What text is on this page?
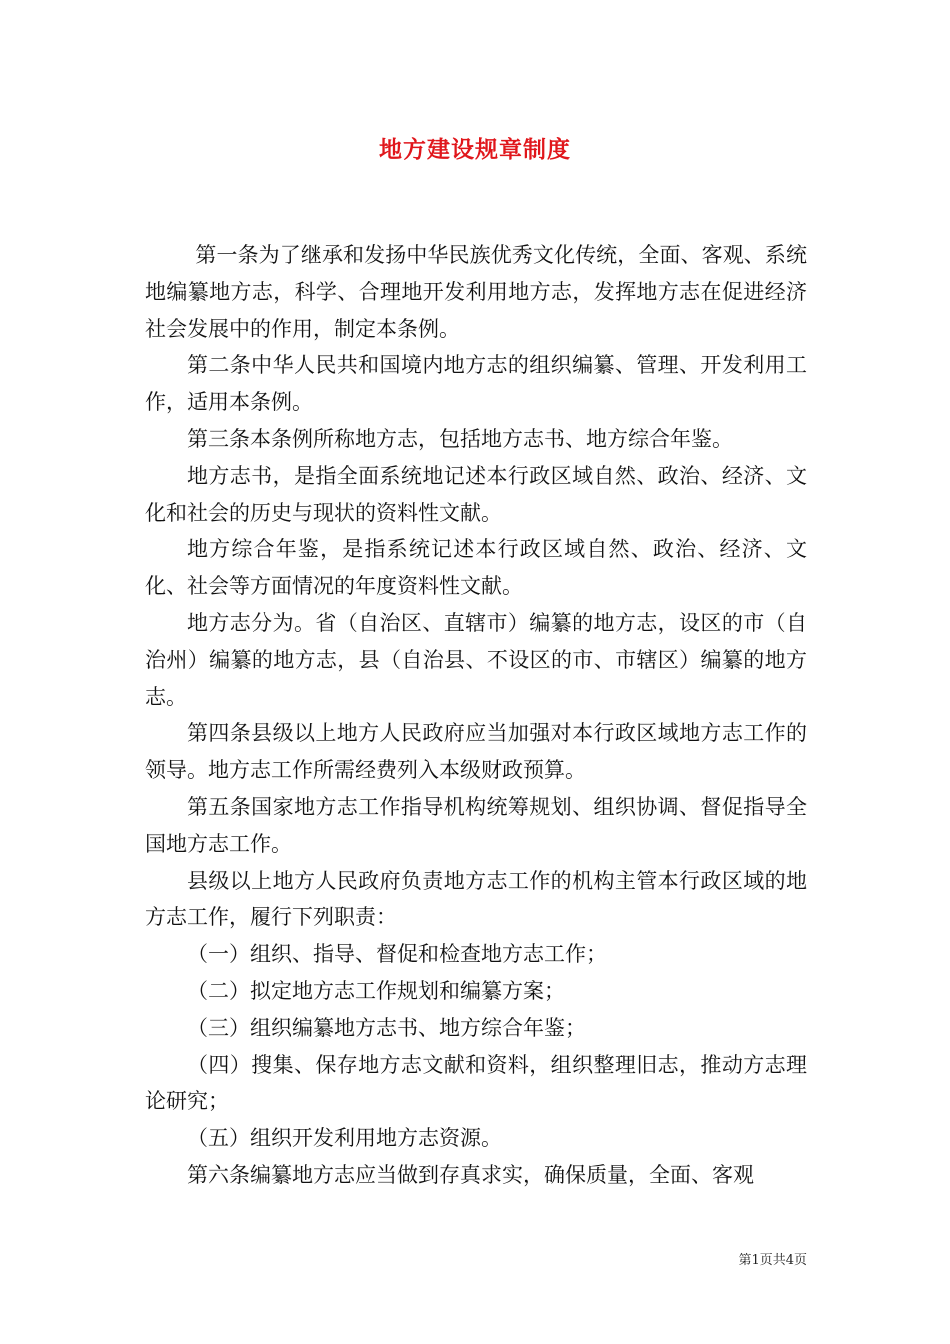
地方建设规章制度

第一条为了继承和发扬中华民族优秀文化传统，全面、客观、系统地编纂地方志，科学、合理地开发利用地方志，发挥地方志在促进经济社会发展中的作用，制定本条例。

第二条中华人民共和国境内地方志的组织编纂、管理、开发利用工作，适用本条例。

第三条本条例所称地方志，包括地方志书、地方综合年鉴。

地方志书，是指全面系统地记述本行政区域自然、政治、经济、文化和社会的历史与现状的资料性文献。

地方综合年鉴，是指系统记述本行政区域自然、政治、经济、文化、社会等方面情况的年度资料性文献。

地方志分为。省（自治区、直辖市）编纂的地方志，设区的市（自治州）编纂的地方志，县（自治县、不设区的市、市辖区）编纂的地方志。

第四条县级以上地方人民政府应当加强对本行政区域地方志工作的领导。地方志工作所需经费列入本级财政预算。

第五条国家地方志工作指导机构统筹规划、组织协调、督促指导全国地方志工作。

县级以上地方人民政府负责地方志工作的机构主管本行政区域的地方志工作，履行下列职责：

（一）组织、指导、督促和检查地方志工作；

（二）拟定地方志工作规划和编纂方案；

（三）组织编纂地方志书、地方综合年鉴；

（四）搜集、保存地方志文献和资料，组织整理旧志，推动方志理论研究；

（五）组织开发利用地方志资源。

第六条编纂地方志应当做到存真求实，确保质量，全面、客观

第1页共4页
